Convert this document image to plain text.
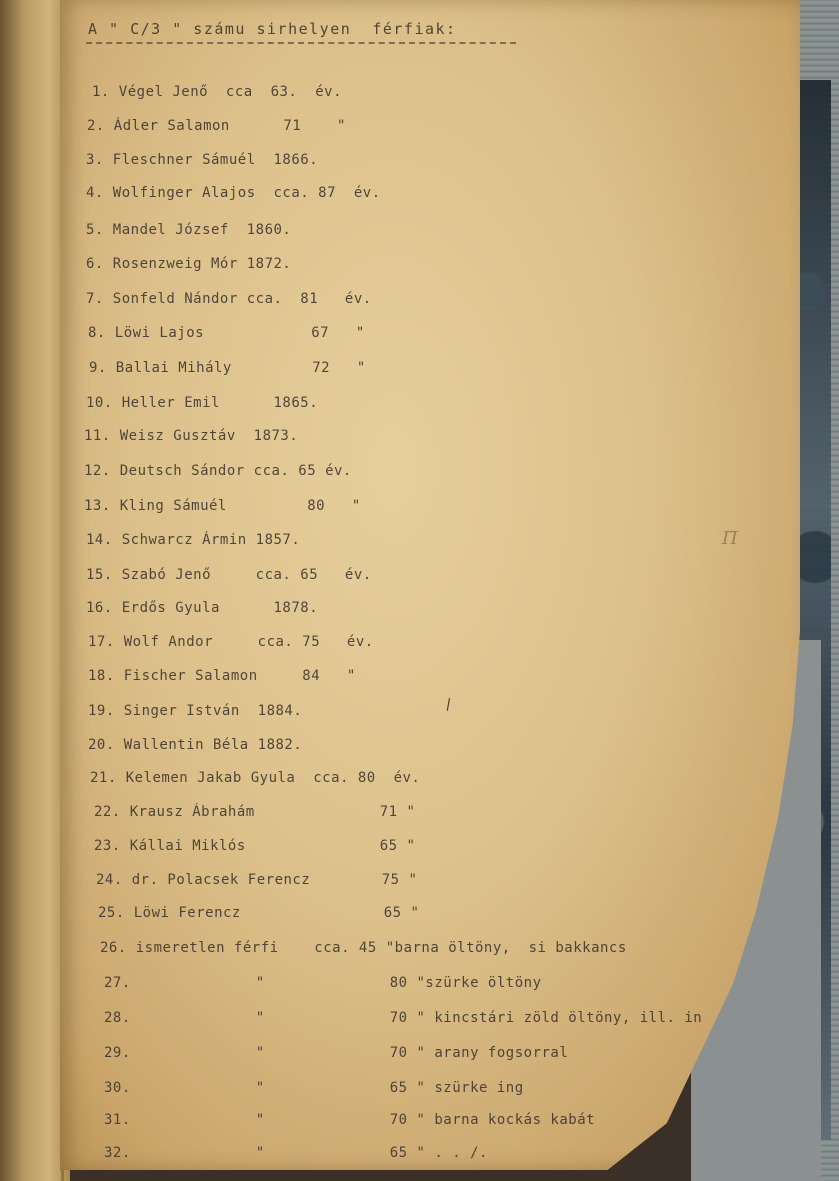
A " C/3 " számu sirhelyen  férfiak:
1. Végel Jenő  cca  63.  év.
2. Ádler Salamon      71    "
3. Fleschner Sámuél  1866.
4. Wolfinger Alajos  cca. 87  év.
5. Mandel József  1860.
6. Rosenzweig Mór 1872.
7. Sonfeld Nándor cca.  81   év.
8. Löwi Lajos            67   "
9. Ballai Mihály         72   "
10. Heller Emil      1865.
11. Weisz Gusztáv  1873.
12. Deutsch Sándor cca. 65 év.
13. Kling Sámuél         80   "
14. Schwarcz Ármin 1857.
15. Szabó Jenő     cca. 65   év.
16. Erdős Gyula      1878.
17. Wolf Andor     cca. 75   év.
18. Fischer Salamon     84   "
19. Singer István  1884.
20. Wallentin Béla 1882.
21. Kelemen Jakab Gyula  cca. 80  év.
22. Krausz Ábrahám              71 "
23. Kállai Miklós               65 "
24. dr. Polacsek Ferencz        75 "
25. Löwi Ferencz                65 "
26. ismeretlen férfi    cca. 45 "barna öltöny,  si bakkancs
27.              "              80 "szürke öltöny
28.              "              70 " kincstári zöld öltöny, ill. in
29.              "              70 " arany fogsorral
30.              "              65 " szürke ing
31.              "              70 " barna kockás kabát
32.              "              65 " . . /.
П
\
